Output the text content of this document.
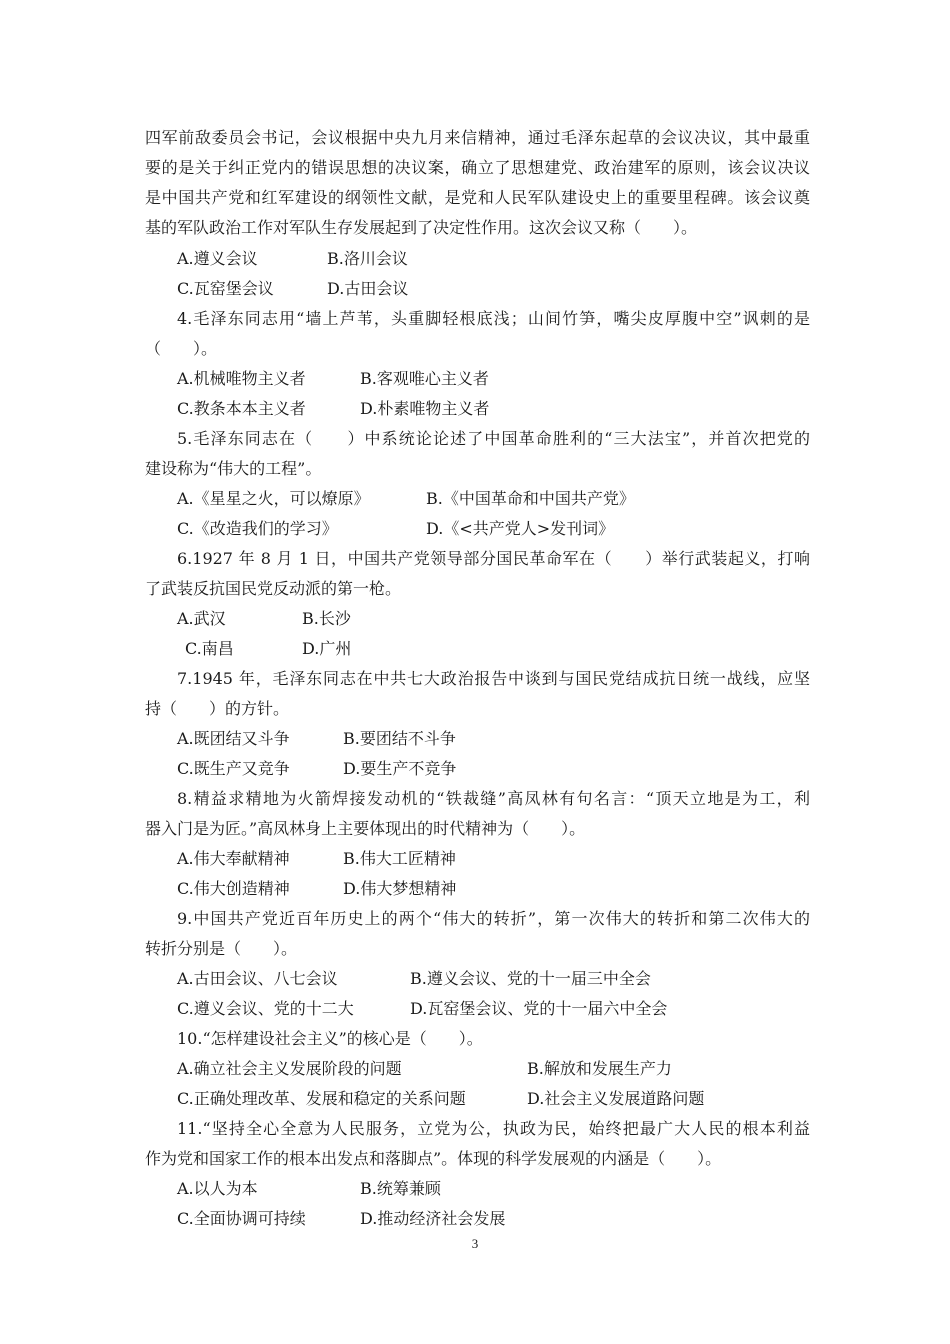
四军前敌委员会书记，会议根据中央九月来信精神，通过毛泽东起草的会议决议，其中最重
要的是关于纠正党内的错误思想的决议案，确立了思想建党、政治建军的原则，该会议决议
是中国共产党和红军建设的纲领性文献，是党和人民军队建设史上的重要里程碑。该会议奠
基的军队政治工作对军队生存发展起到了决定性作用。这次会议又称（　　）。
A.遵义会议	B.洛川会议
C.瓦窑堡会议	D.古田会议
4.毛泽东同志用“墙上芦苇，头重脚轻根底浅；山间竹笋，嘴尖皮厚腹中空”讽刺的是
（　　）。
A.机械唯物主义者	B.客观唯心主义者
C.教条本本主义者	D.朴素唯物主义者
5.毛泽东同志在（　　）中系统论论述了中国革命胜利的“三大法宝”，并首次把党的
建设称为“伟大的工程”。
A.《星星之火，可以燎原》	B.《中国革命和中国共产党》
C.《改造我们的学习》	D.《<共产党人>发刊词》
6.1927 年 8 月 1 日，中国共产党领导部分国民革命军在（　　）举行武装起义，打响
了武装反抗国民党反动派的第一枪。
A.武汉	B.长沙
C.南昌	D.广州
7.1945 年，毛泽东同志在中共七大政治报告中谈到与国民党结成抗日统一战线，应坚
持（　　）的方针。
A.既团结又斗争	B.要团结不斗争
C.既生产又竞争	D.要生产不竞争
8.精益求精地为火箭焊接发动机的“铁裁缝”高凤林有句名言：“顶天立地是为工，利
器入门是为匠。”高凤林身上主要体现出的时代精神为（　　）。
A.伟大奉献精神	B.伟大工匠精神
C.伟大创造精神	D.伟大梦想精神
9.中国共产党近百年历史上的两个“伟大的转折”，第一次伟大的转折和第二次伟大的
转折分别是（　　）。
A.古田会议、八七会议	B.遵义会议、党的十一届三中全会
C.遵义会议、党的十二大	D.瓦窑堡会议、党的十一届六中全会
10.“怎样建设社会主义”的核心是（　　）。
A.确立社会主义发展阶段的问题	B.解放和发展生产力
C.正确处理改革、发展和稳定的关系问题	D.社会主义发展道路问题
11.“坚持全心全意为人民服务，立党为公，执政为民，始终把最广大人民的根本利益
作为党和国家工作的根本出发点和落脚点”。体现的科学发展观的内涵是（　　）。
A.以人为本	B.统筹兼顾
C.全面协调可持续	D.推动经济社会发展
3
